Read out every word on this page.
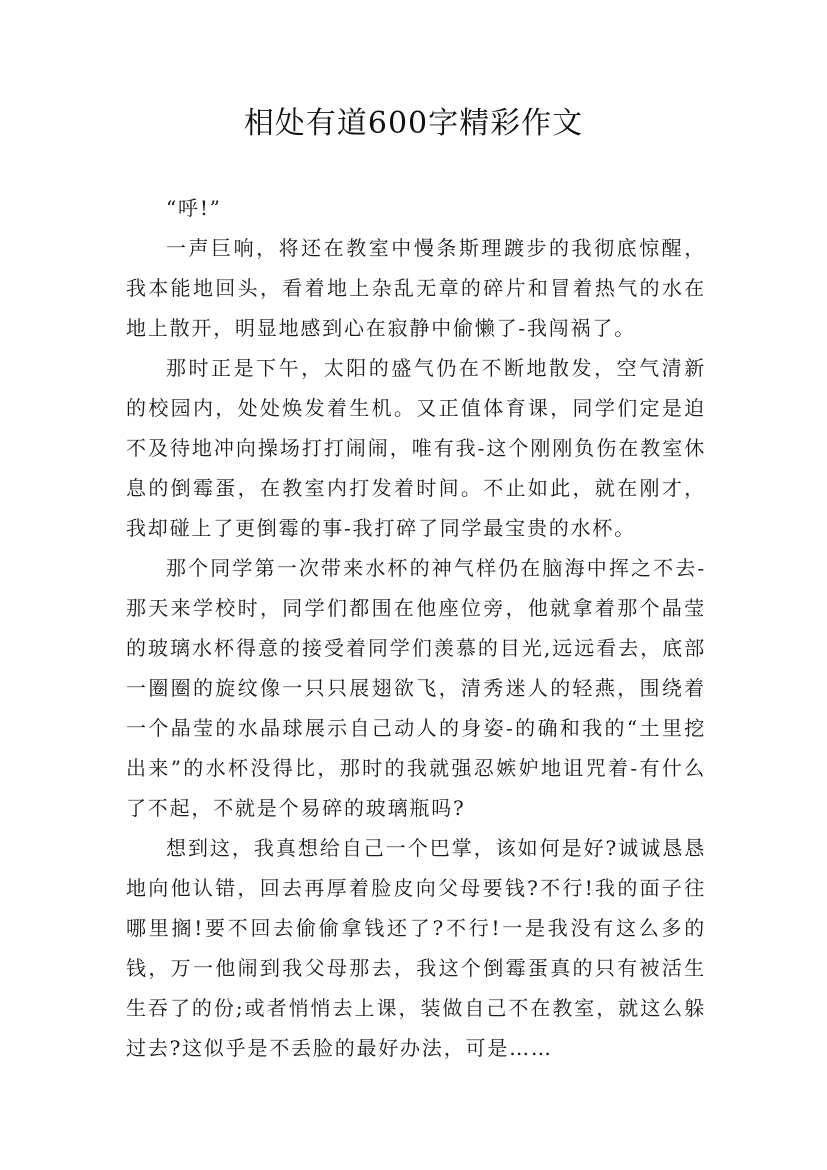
相处有道600字精彩作文

“呼!”

一声巨响，将还在教室中慢条斯理踱步的我彻底惊醒，我本能地回头，看着地上杂乱无章的碎片和冒着热气的水在地上散开，明显地感到心在寂静中偷懒了-我闯祸了。

那时正是下午，太阳的盛气仍在不断地散发，空气清新的校园内，处处焕发着生机。又正值体育课，同学们定是迫不及待地冲向操场打打闹闹，唯有我-这个刚刚负伤在教室休息的倒霉蛋，在教室内打发着时间。不止如此，就在刚才，我却碰上了更倒霉的事-我打碎了同学最宝贵的水杯。

那个同学第一次带来水杯的神气样仍在脑海中挥之不去-那天来学校时，同学们都围在他座位旁，他就拿着那个晶莹的玻璃水杯得意的接受着同学们羡慕的目光,远远看去，底部一圈圈的旋纹像一只只展翅欲飞，清秀迷人的轻燕，围绕着一个晶莹的水晶球展示自己动人的身姿-的确和我的“土里挖出来”的水杯没得比，那时的我就强忍嫉妒地诅咒着-有什么了不起，不就是个易碎的玻璃瓶吗?

想到这，我真想给自己一个巴掌，该如何是好?诚诚恳恳地向他认错，回去再厚着脸皮向父母要钱?不行!我的面子往哪里搁!要不回去偷偷拿钱还了?不行!一是我没有这么多的钱，万一他闹到我父母那去，我这个倒霉蛋真的只有被活生生吞了的份;或者悄悄去上课，装做自己不在教室，就这么躲过去?这似乎是不丢脸的最好办法，可是……
